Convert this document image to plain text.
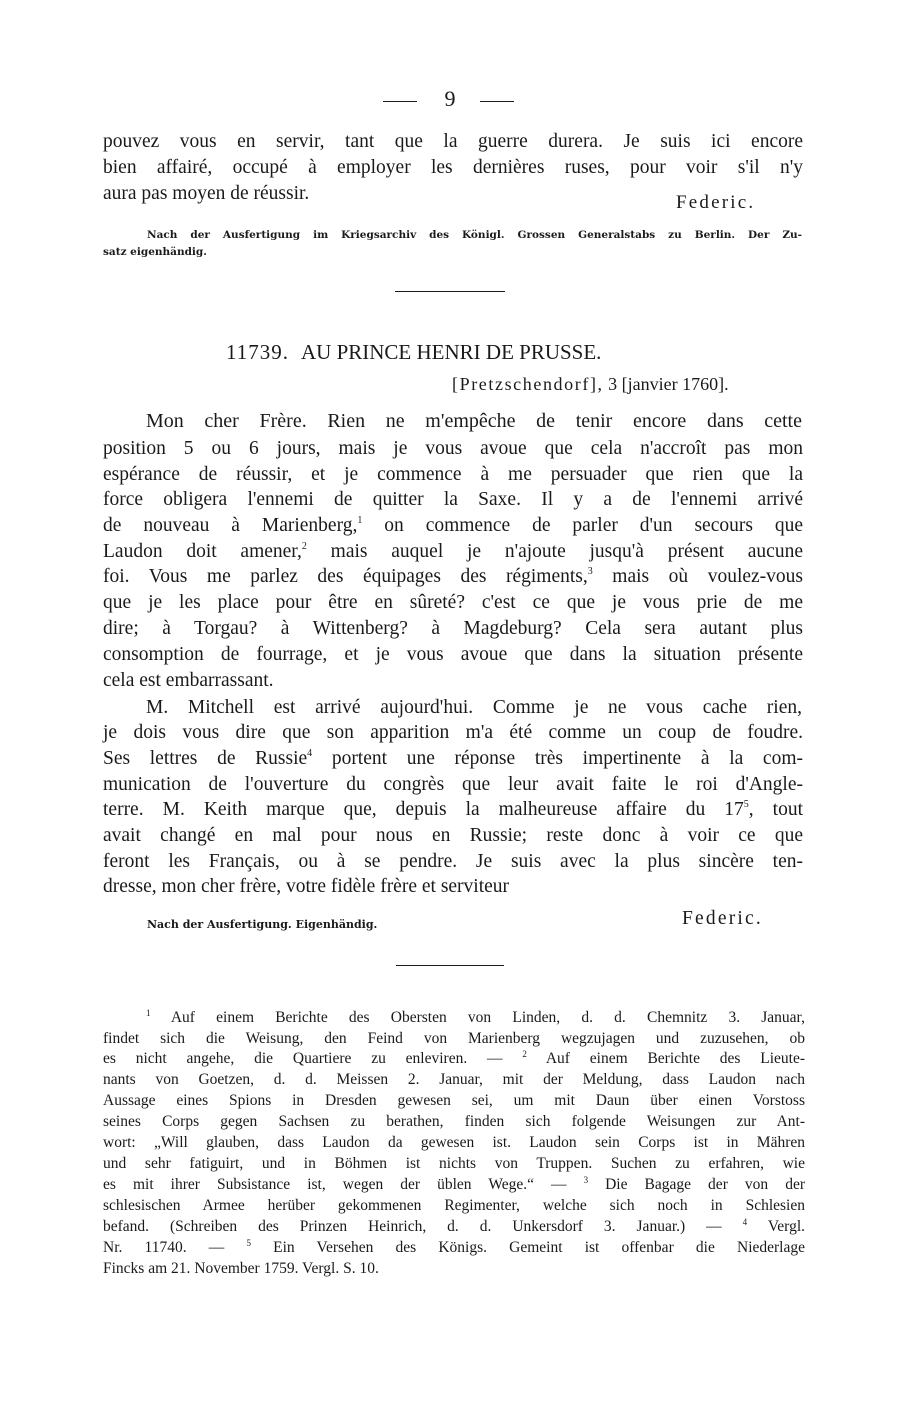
9
pouvez vous en servir, tant que la guerre durera. Je suis ici encore
bien affairé, occupé à employer les dernières ruses, pour voir s'il n'y
aura pas moyen de réussir.	Federic.
Nach der Ausfertigung im Kriegsarchiv des Königl. Grossen Generalstabs zu Berlin. Der Zu-
satz eigenhändig.
11739. AU PRINCE HENRI DE PRUSSE.
[Pretzschendorf], 3 [janvier 1760].
Mon cher Frère. Rien ne m'empêche de tenir encore dans cette
position 5 ou 6 jours, mais je vous avoue que cela n'accroît pas mon
espérance de réussir, et je commence à me persuader que rien que la
force obligera l'ennemi de quitter la Saxe. Il y a de l'ennemi arrivé
de nouveau à Marienberg,$^1$ on commence de parler d'un secours que
Laudon doit amener,$^2$ mais auquel je n'ajoute jusqu'à présent aucune
foi. Vous me parlez des équipages des régiments,$^3$ mais où voulez-vous
que je les place pour être en sûreté? c'est ce que je vous prie de me
dire; à Torgau? à Wittenberg? à Magdeburg? Cela sera autant plus
consomption de fourrage, et je vous avoue que dans la situation présente
cela est embarrassant.
M. Mitchell est arrivé aujourd'hui. Comme je ne vous cache rien,
je dois vous dire que son apparition m'a été comme un coup de foudre.
Ses lettres de Russie$^4$ portent une réponse très impertinente à la com-
munication de l'ouverture du congrès que leur avait faite le roi d'Angle-
terre. M. Keith marque que, depuis la malheureuse affaire du $17^5$, tout
avait changé en mal pour nous en Russie; reste donc à voir ce que
feront les Français, ou à se pendre. Je suis avec la plus sincère ten-
dresse, mon cher frère, votre fidèle frère et serviteur
Nach der Ausfertigung. Eigenhändig.	Federic.
$^1$ Auf einem Berichte des Obersten von Linden, d. d. Chemnitz 3. Januar,
findet sich die Weisung, den Feind von Marienberg wegzujagen und zuzusehen, ob
es nicht angehe, die Quartiere zu enleviren. — $^2$ Auf einem Berichte des Lieute-
nants von Goetzen, d. d. Meissen 2. Januar, mit der Meldung, dass Laudon nach
Aussage eines Spions in Dresden gewesen sei, um mit Daun über einen Vorstoss
seines Corps gegen Sachsen zu berathen, finden sich folgende Weisungen zur Ant-
wort: „Will glauben, dass Laudon da gewesen ist. Laudon sein Corps ist in Mähren
und sehr fatiguirt, und in Böhmen ist nichts von Truppen. Suchen zu erfahren, wie
es mit ihrer Subsistance ist, wegen der üblen Wege.“ — $^3$ Die Bagage der von der
schlesischen Armee herüber gekommenen Regimenter, welche sich noch in Schlesien
befand. (Schreiben des Prinzen Heinrich, d. d. Unkersdorf 3. Januar.) — $^4$ Vergl.
Nr. 11740. — $^5$ Ein Versehen des Königs. Gemeint ist offenbar die Niederlage
Fincks am 21. November 1759. Vergl. S. 10.
